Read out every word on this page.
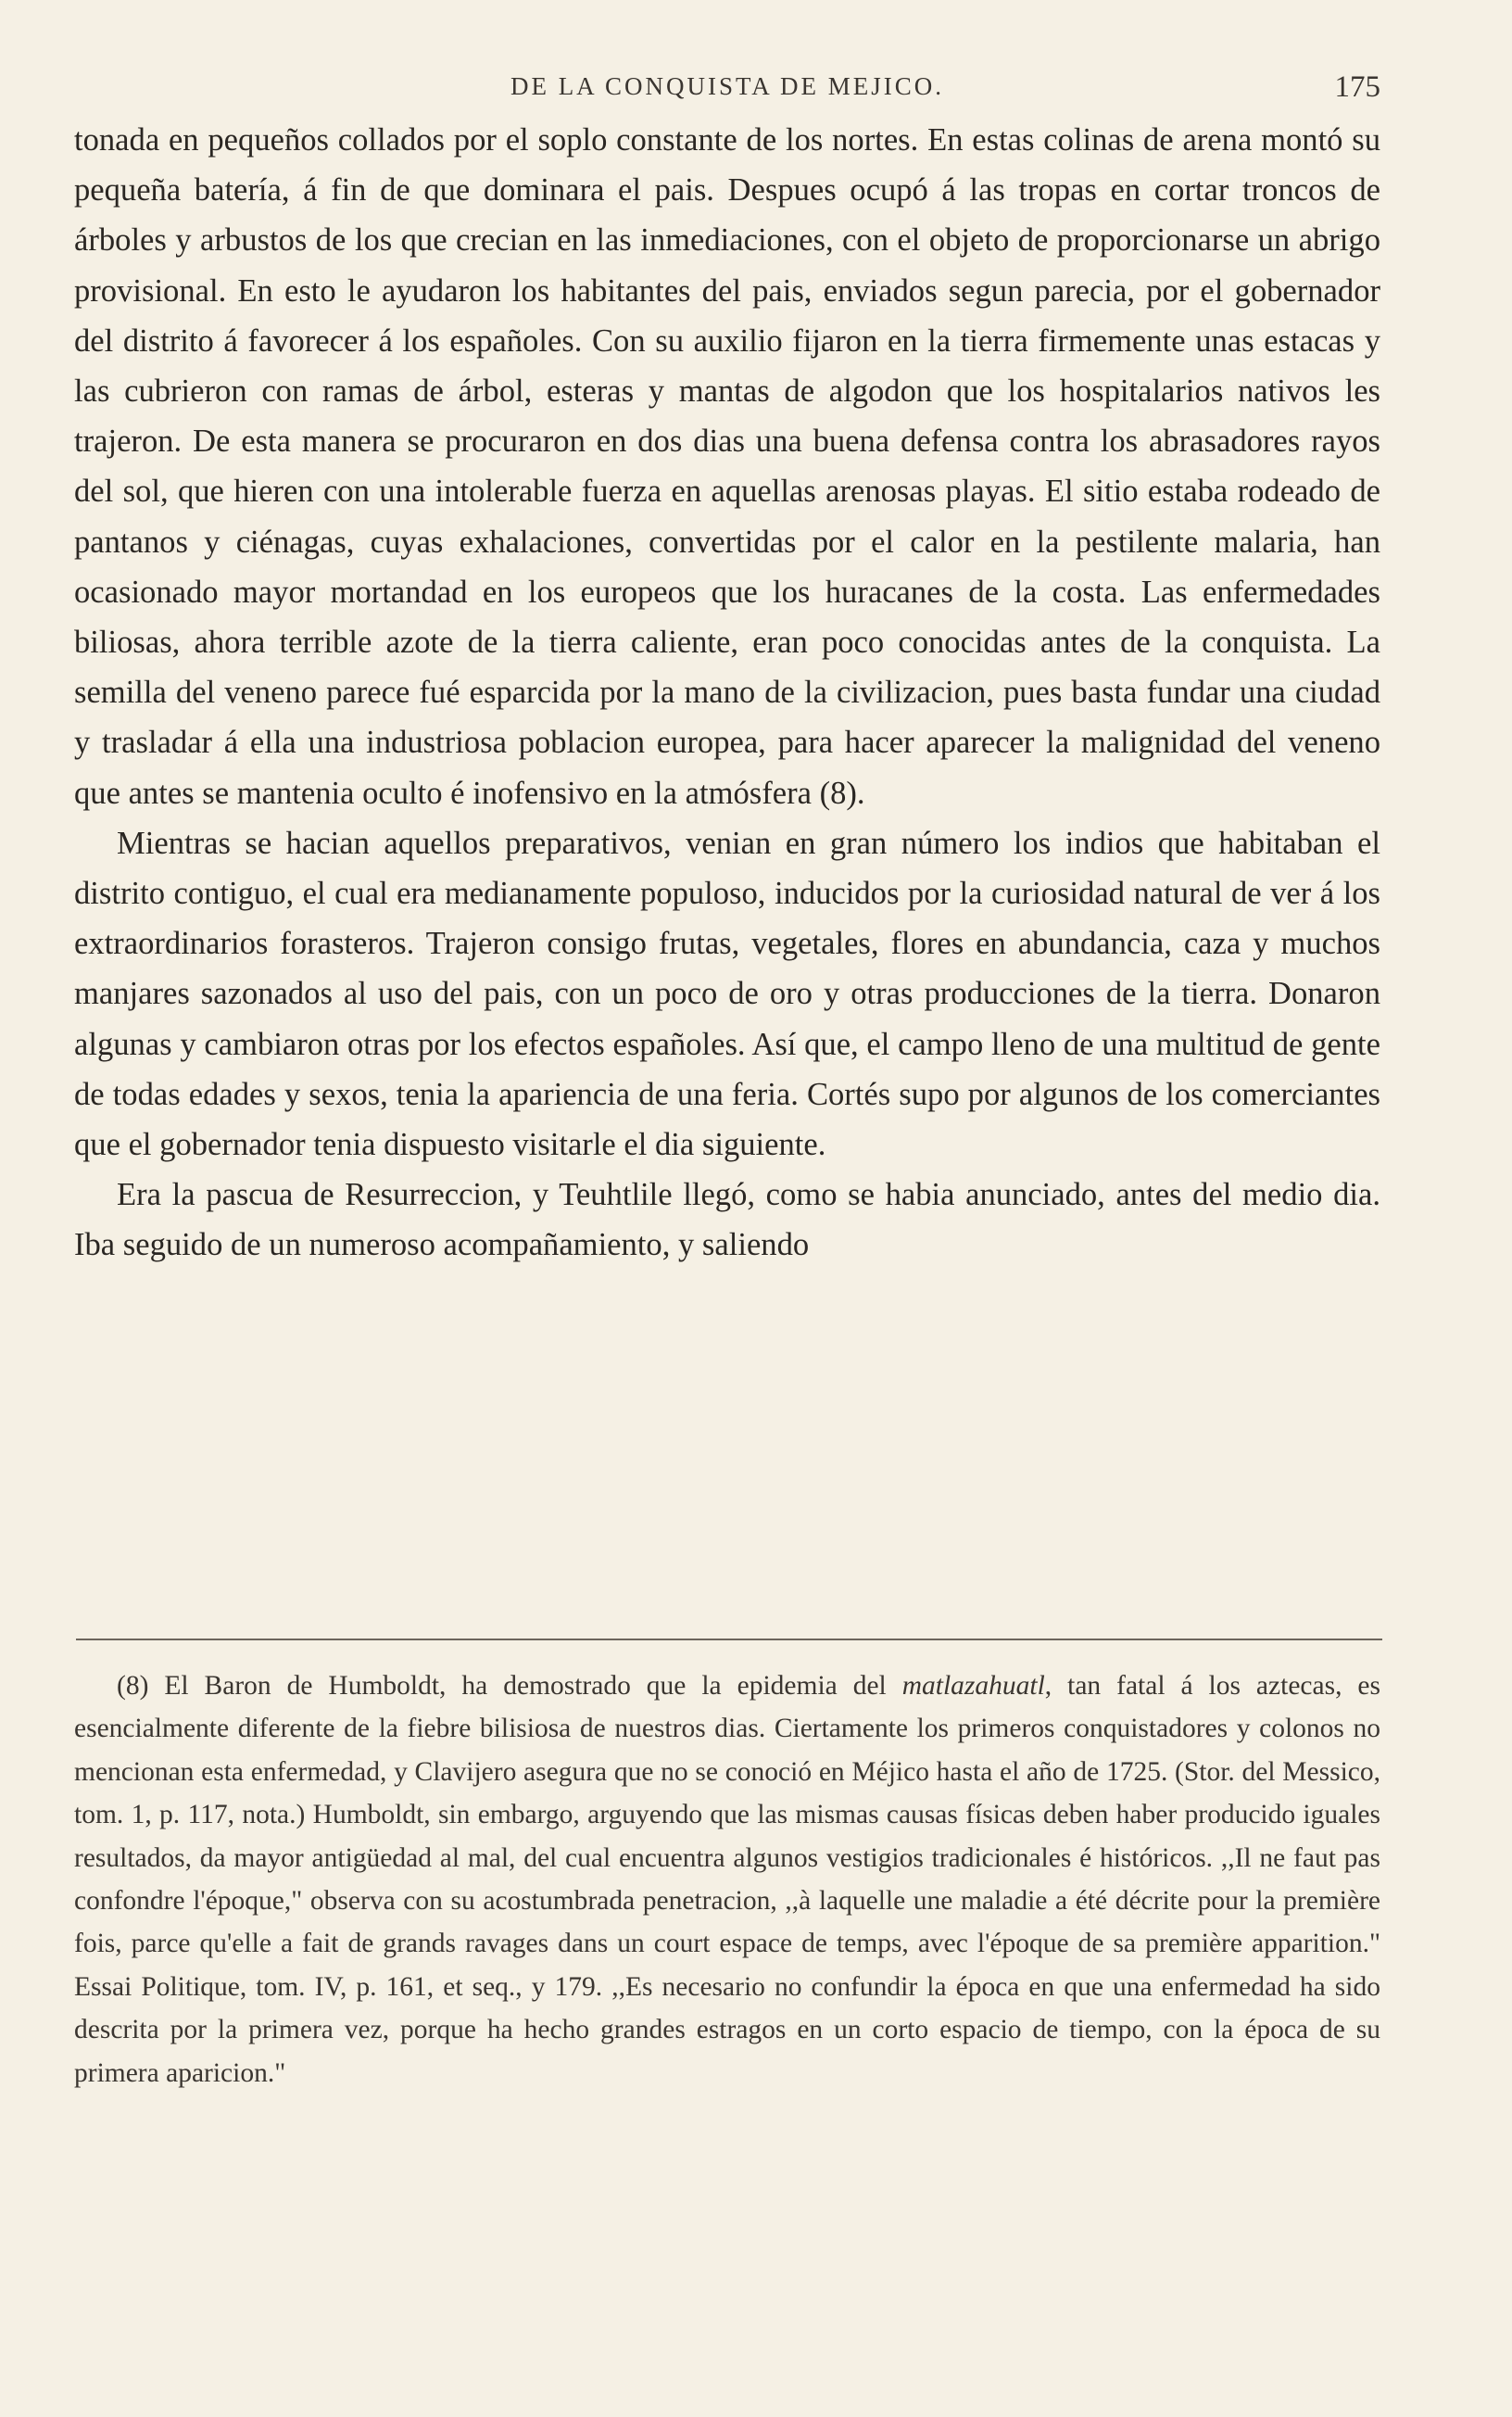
DE LA CONQUISTA DE MEJICO.	175

tonada en pequeños collados por el soplo constante de los nortes. En estas colinas de arena montó su pequeña batería, á fin de que dominara el pais. Despues ocupó á las tropas en cortar troncos de árboles y arbustos de los que crecian en las inmediaciones, con el objeto de proporcionarse un abrigo provisional. En esto le ayudaron los habitantes del pais, enviados segun parecia, por el gobernador del distrito á favorecer á los españoles. Con su auxilio fijaron en la tierra firmemente unas estacas y las cubrieron con ramas de árbol, esteras y mantas de algodon que los hospitalarios nativos les trajeron. De esta manera se procuraron en dos dias una buena defensa contra los abrasadores rayos del sol, que hieren con una intolerable fuerza en aquellas arenosas playas. El sitio estaba rodeado de pantanos y ciénagas, cuyas exhalaciones, convertidas por el calor en la pestilente malaria, han ocasionado mayor mortandad en los europeos que los huracanes de la costa. Las enfermedades biliosas, ahora terrible azote de la tierra caliente, eran poco conocidas antes de la conquista. La semilla del veneno parece fué esparcida por la mano de la civilizacion, pues basta fundar una ciudad y trasladar á ella una industriosa poblacion europea, para hacer aparecer la malignidad del veneno que antes se mantenia oculto é inofensivo en la atmósfera (8).

Mientras se hacian aquellos preparativos, venian en gran número los indios que habitaban el distrito contiguo, el cual era medianamente populoso, inducidos por la curiosidad natural de ver á los extraordinarios forasteros. Trajeron consigo frutas, vegetales, flores en abundancia, caza y muchos manjares sazonados al uso del pais, con un poco de oro y otras producciones de la tierra. Donaron algunas y cambiaron otras por los efectos españoles. Así que, el campo lleno de una multitud de gente de todas edades y sexos, tenia la apariencia de una feria. Cortés supo por algunos de los comerciantes que el gobernador tenia dispuesto visitarle el dia siguiente.

Era la pascua de Resurreccion, y Teuhtlile llegó, como se habia anunciado, antes del medio dia. Iba seguido de un numeroso acompañamiento, y saliendo

(8) El Baron de Humboldt, ha demostrado que la epidemia del matlazahuatl, tan fatal á los aztecas, es esencialmente diferente de la fiebre bilisiosa de nuestros dias. Ciertamente los primeros conquistadores y colonos no mencionan esta enfermedad, y Clavijero asegura que no se conoció en Méjico hasta el año de 1725. (Stor. del Messico, tom. 1, p. 117, nota.) Humboldt, sin embargo, arguyendo que las mismas causas físicas deben haber producido iguales resultados, da mayor antigüedad al mal, del cual encuentra algunos vestigios tradicionales é históricos. ,,Il ne faut pas confondre l'époque," observa con su acostumbrada penetracion, ,,à laquelle une maladie a été décrite pour la première fois, parce qu'elle a fait de grands ravages dans un court espace de temps, avec l'époque de sa première apparition." Essai Politique, tom. IV, p. 161, et seq., y 179. ,,Es necesario no confundir la época en que una enfermedad ha sido descrita por la primera vez, porque ha hecho grandes estragos en un corto espacio de tiempo, con la época de su primera aparicion."
